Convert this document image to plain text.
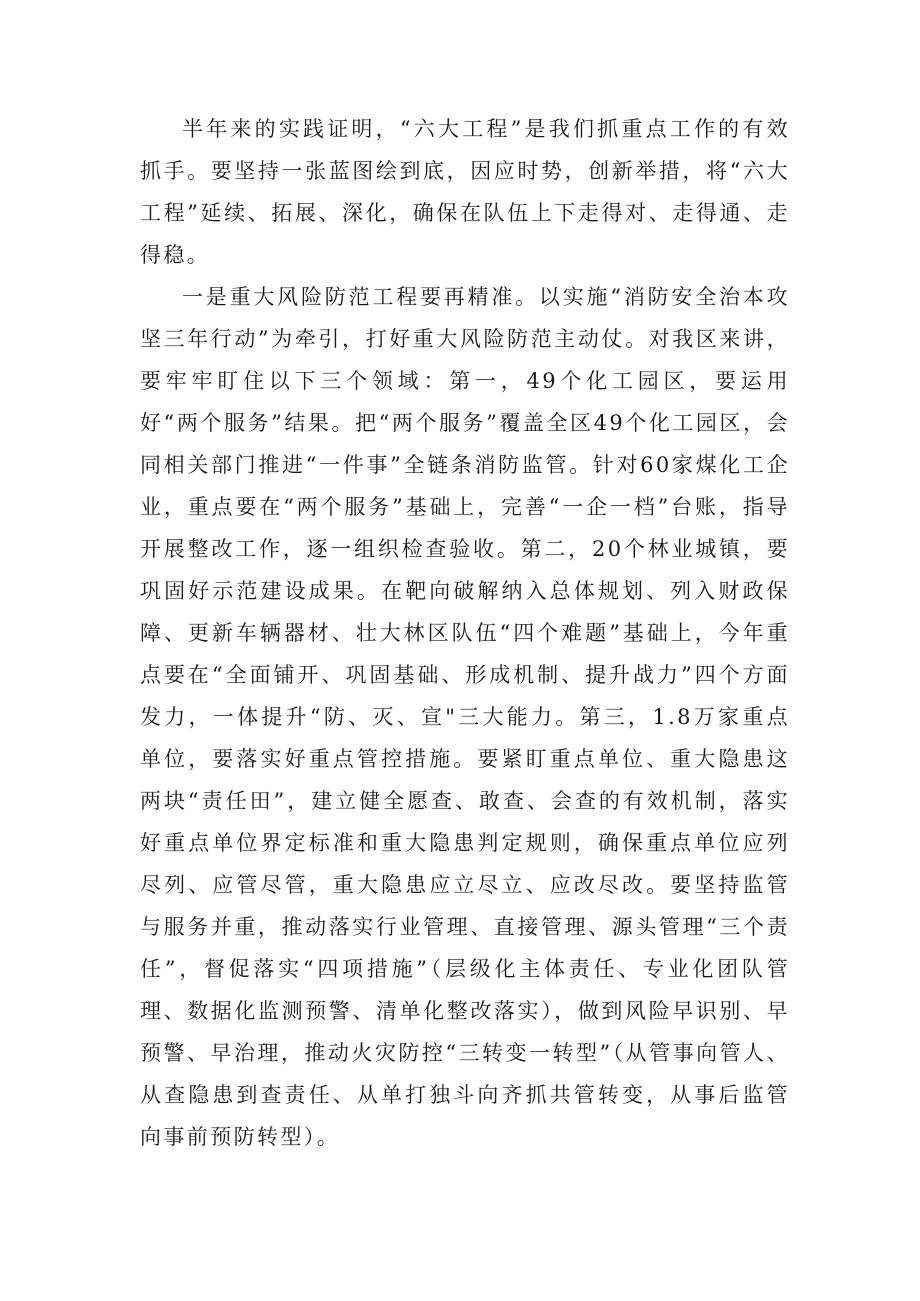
半年来的实践证明，“六大工程”是我们抓重点工作的有效抓手。要坚持一张蓝图绘到底，因应时势，创新举措，将“六大工程”延续、拓展、深化，确保在队伍上下走得对、走得通、走得稳。

一是重大风险防范工程要再精准。以实施“消防安全治本攻坚三年行动”为牵引，打好重大风险防范主动仗。对我区来讲，要牢牢盯住以下三个领域：第一，49个化工园区，要运用好“两个服务”结果。把“两个服务”覆盖全区49个化工园区，会同相关部门推进“一件事”全链条消防监管。针对60家煤化工企业，重点要在“两个服务”基础上，完善“一企一档”台账，指导开展整改工作，逐一组织检查验收。第二，20个林业城镇，要巩固好示范建设成果。在靶向破解纳入总体规划、列入财政保障、更新车辆器材、壮大林区队伍“四个难题”基础上，今年重点要在“全面铺开、巩固基础、形成机制、提升战力”四个方面发力，一体提升“防、灭、宣"三大能力。第三，1.8万家重点单位，要落实好重点管控措施。要紧盯重点单位、重大隐患这两块“责任田”，建立健全愿查、敢查、会查的有效机制，落实好重点单位界定标准和重大隐患判定规则，确保重点单位应列尽列、应管尽管，重大隐患应立尽立、应改尽改。要坚持监管与服务并重，推动落实行业管理、直接管理、源头管理“三个责任”，督促落实“四项措施”（层级化主体责任、专业化团队管理、数据化监测预警、清单化整改落实），做到风险早识别、早预警、早治理，推动火灾防控“三转变一转型”（从管事向管人、从查隐患到查责任、从单打独斗向齐抓共管转变，从事后监管向事前预防转型）。
